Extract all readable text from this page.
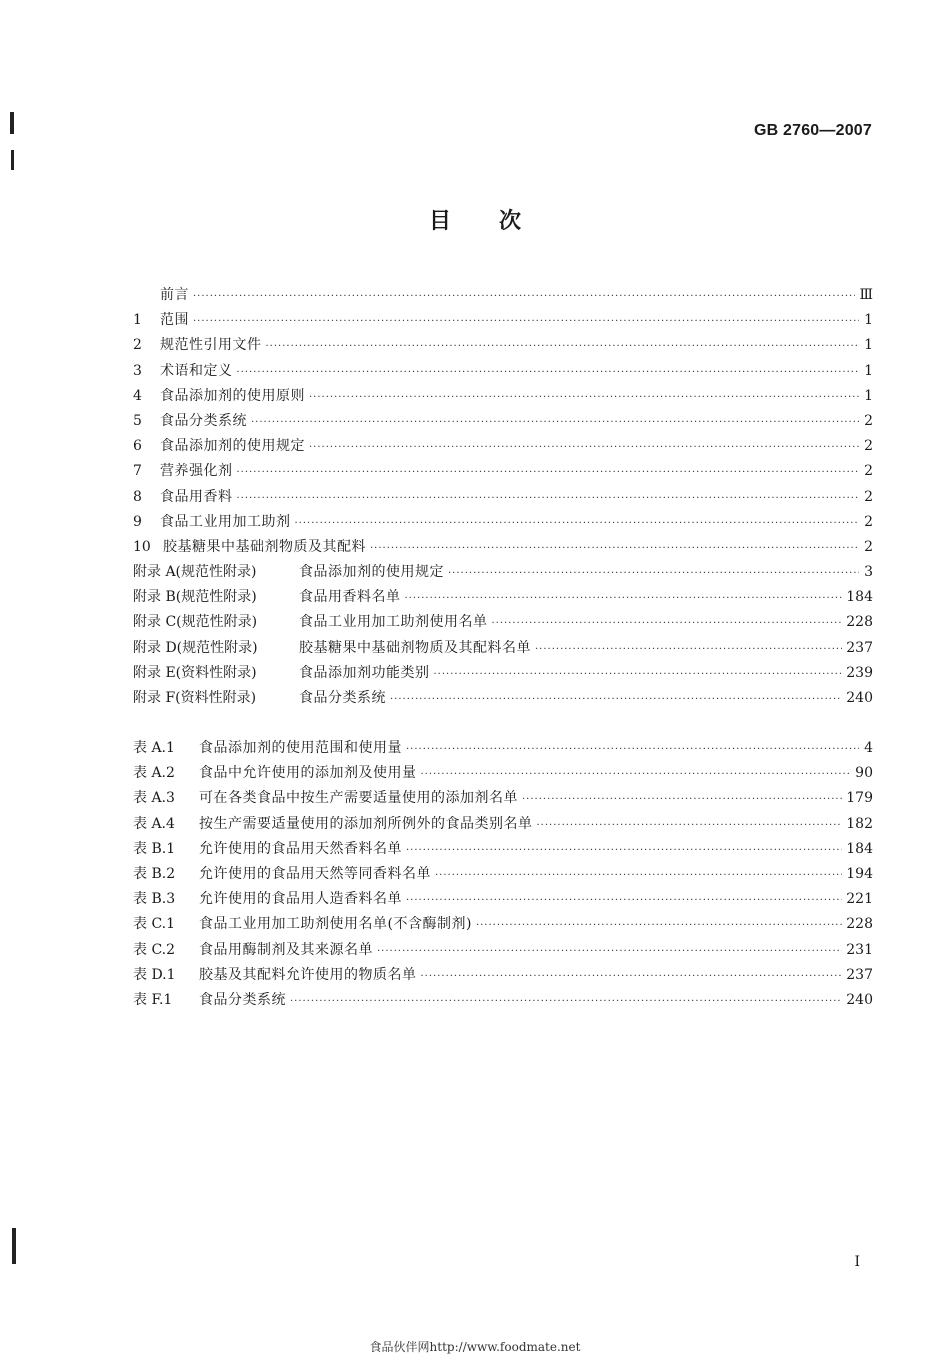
GB 2760—2007
目次
前言 ·····	Ⅲ
1	范围 ·····	1
2	规范性引用文件 ·····	1
3	术语和定义 ·····	1
4	食品添加剂的使用原则 ·····	1
5	食品分类系统 ·····	2
6	食品添加剂的使用规定 ·····	2
7	营养强化剂 ·····	2
8	食品用香料 ·····	2
9	食品工业用加工助剂 ·····	2
10 胶基糖果中基础剂物质及其配料 ·····	2
附录 A(规范性附录)	食品添加剂的使用规定 ·····	3
附录 B(规范性附录)	食品用香料名单 ·····	184
附录 C(规范性附录)	食品工业用加工助剂使用名单 ·····	228
附录 D(规范性附录)	胶基糖果中基础剂物质及其配料名单 ·····	237
附录 E(资料性附录)	食品添加剂功能类别 ·····	239
附录 F(资料性附录)	食品分类系统 ·····	240
表 A.1	食品添加剂的使用范围和使用量 ·····	4
表 A.2	食品中允许使用的添加剂及使用量 ·····	90
表 A.3	可在各类食品中按生产需要适量使用的添加剂名单 ·····	179
表 A.4	按生产需要适量使用的添加剂所例外的食品类别名单 ·····	182
表 B.1	允许使用的食品用天然香料名单 ·····	184
表 B.2	允许使用的食品用天然等同香料名单 ·····	194
表 B.3	允许使用的食品用人造香料名单 ·····	221
表 C.1	食品工业用加工助剂使用名单(不含酶制剂) ·····	228
表 C.2	食品用酶制剂及其来源名单 ·····	231
表 D.1	胶基及其配料允许使用的物质名单 ·····	237
表 F.1	食品分类系统 ·····	240
I
食品伙伴网http://www.foodmate.net
